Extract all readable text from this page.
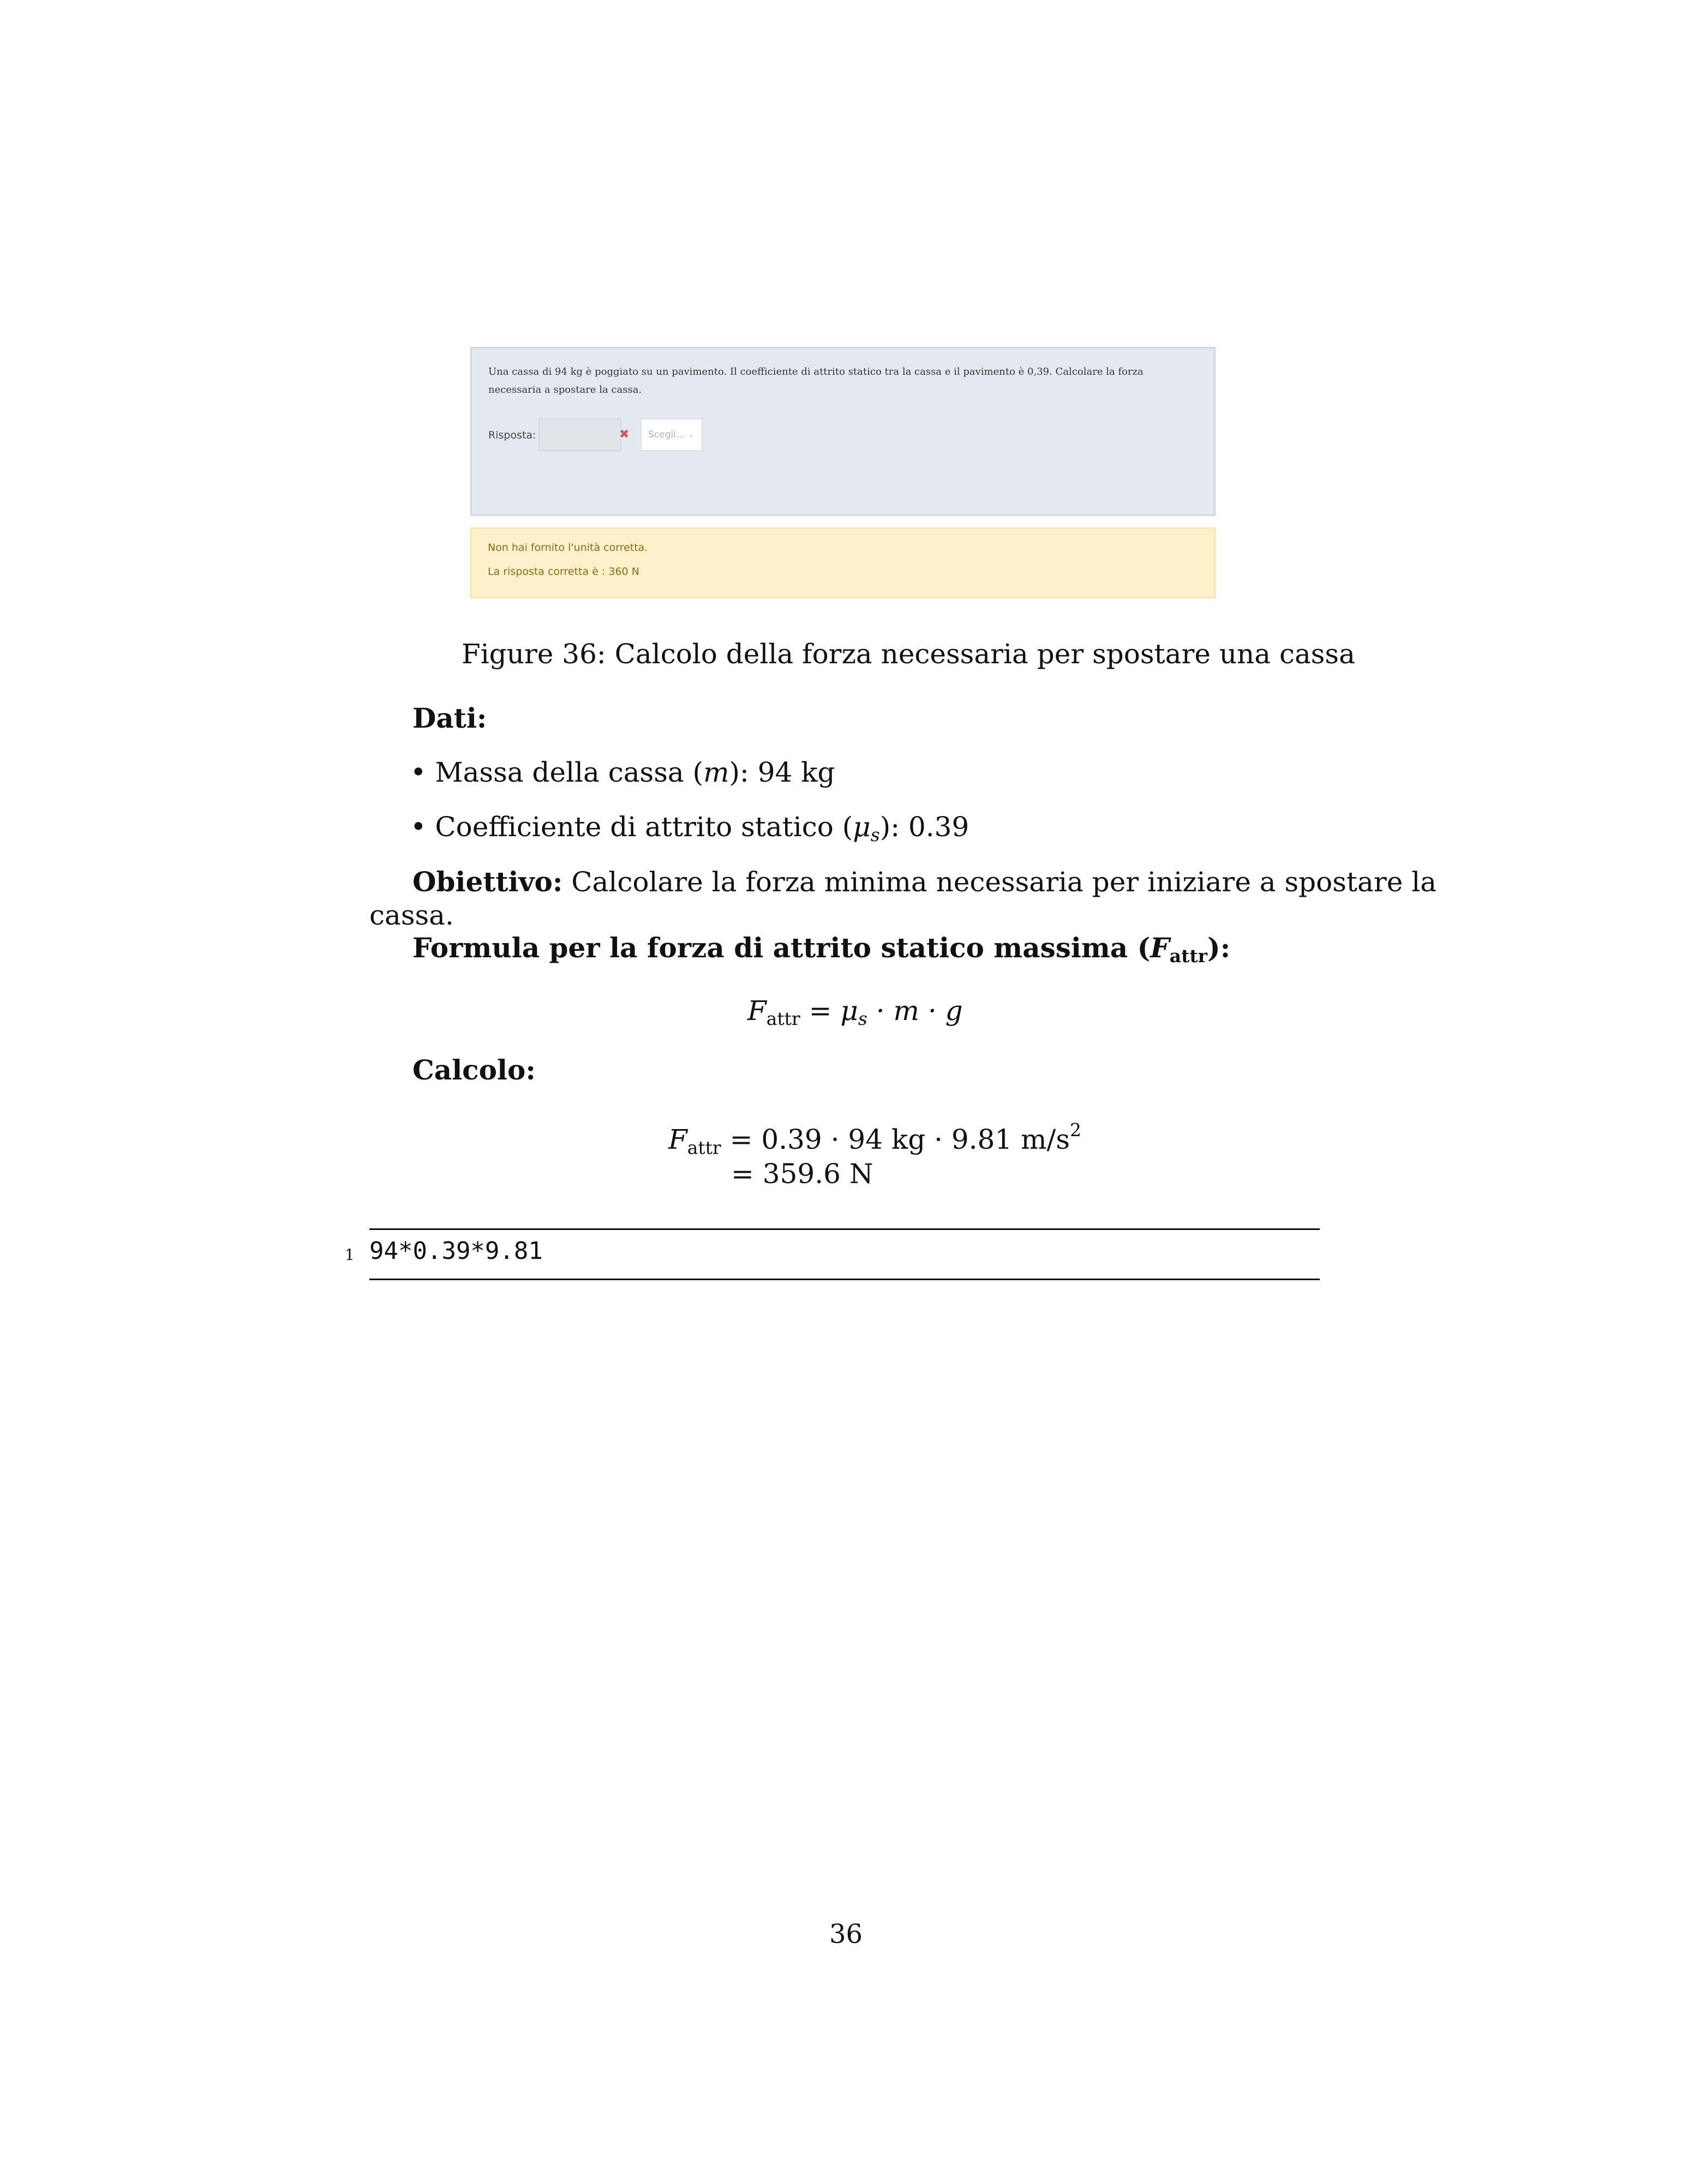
Una cassa di 94 kg è poggiato su un pavimento. Il coefficiente di attrito statico tra la cassa e il pavimento è 0,39. Calcolare la forza necessaria a spostare la cassa.
Risposta:	✖ Scegli... ⌄
Non hai fornito l'unità corretta.
La risposta corretta è : 360 N
Figure 36: Calcolo della forza necessaria per spostare una cassa
Dati:
• Massa della cassa (m): 94 kg
• Coefficiente di attrito statico (μs): 0.39
Obiettivo: Calcolare la forza minima necessaria per iniziare a spostare la
cassa.
Formula per la forza di attrito statico massima $(F_{attr})$:
$F_{attr} = \mu s \cdot m \cdot g$
Calcolo:
$F_{attr} = 0.39 \cdot 94$ kg · 9.81 $m/s^2$
= 359.6 N
1 94*0.39*9.81
36
